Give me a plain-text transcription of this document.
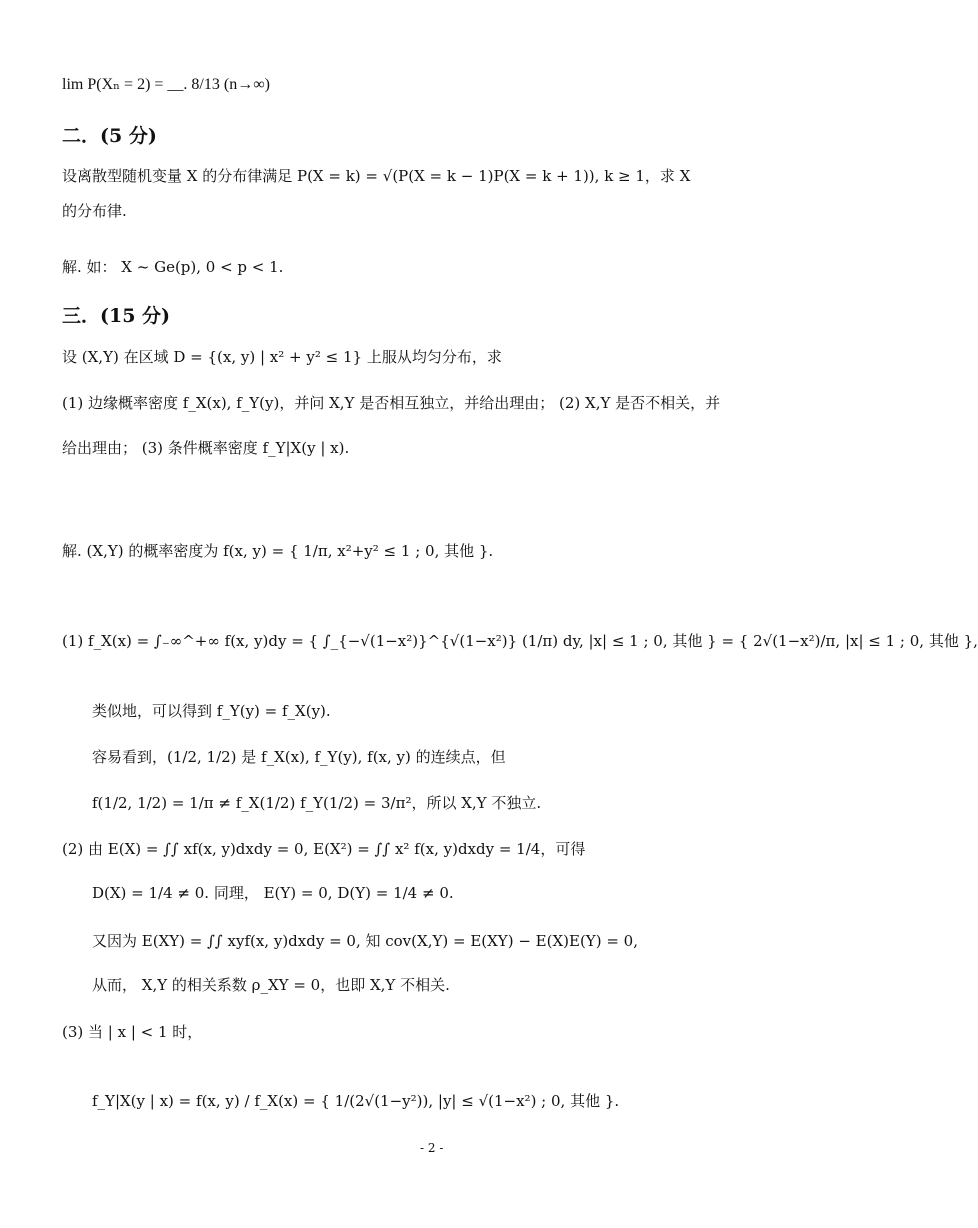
lim P(Xₙ = 2) = __. 8/13 (n→∞)
二．(5 分)
设离散型随机变量 X 的分布律满足 P(X = k) = √(P(X = k − 1)P(X = k + 1)), k ≥ 1，求 X
的分布律.
解. 如： X ~ Ge(p), 0 < p < 1.
三．(15 分)
设 (X,Y) 在区域 D = {(x, y) | x² + y² ≤ 1} 上服从均匀分布，求
(1) 边缘概率密度 f_X(x), f_Y(y)，并问 X,Y 是否相互独立，并给出理由； (2) X,Y 是否不相关，并
给出理由； (3) 条件概率密度 f_Y|X(y | x).
解. (X,Y) 的概率密度为 f(x, y) = { 1/π, x²+y² ≤ 1 ; 0, 其他 }.
(1) f_X(x) = ∫₋∞^+∞ f(x, y)dy = { ∫_{−√(1−x²)}^{√(1−x²)} (1/π) dy, |x| ≤ 1 ; 0, 其他 } = { 2√(1−x²)/π, |x| ≤ 1 ; 0, 其他 },
类似地，可以得到 f_Y(y) = f_X(y).
容易看到，(1/2, 1/2) 是 f_X(x), f_Y(y), f(x, y) 的连续点，但
f(1/2, 1/2) = 1/π ≠ f_X(1/2) f_Y(1/2) = 3/π²，所以 X,Y 不独立.
(2) 由 E(X) = ∫∫ xf(x, y)dxdy = 0, E(X²) = ∫∫ x² f(x, y)dxdy = 1/4，可得
D(X) = 1/4 ≠ 0. 同理， E(Y) = 0, D(Y) = 1/4 ≠ 0.
又因为 E(XY) = ∫∫ xyf(x, y)dxdy = 0, 知 cov(X,Y) = E(XY) − E(X)E(Y) = 0,
从而， X,Y 的相关系数 ρ_XY = 0，也即 X,Y 不相关.
(3) 当 | x | < 1 时，
f_Y|X(y | x) = f(x, y) / f_X(x) = { 1/(2√(1−y²)), |y| ≤ √(1−x²) ; 0, 其他 }.
- 2 -
